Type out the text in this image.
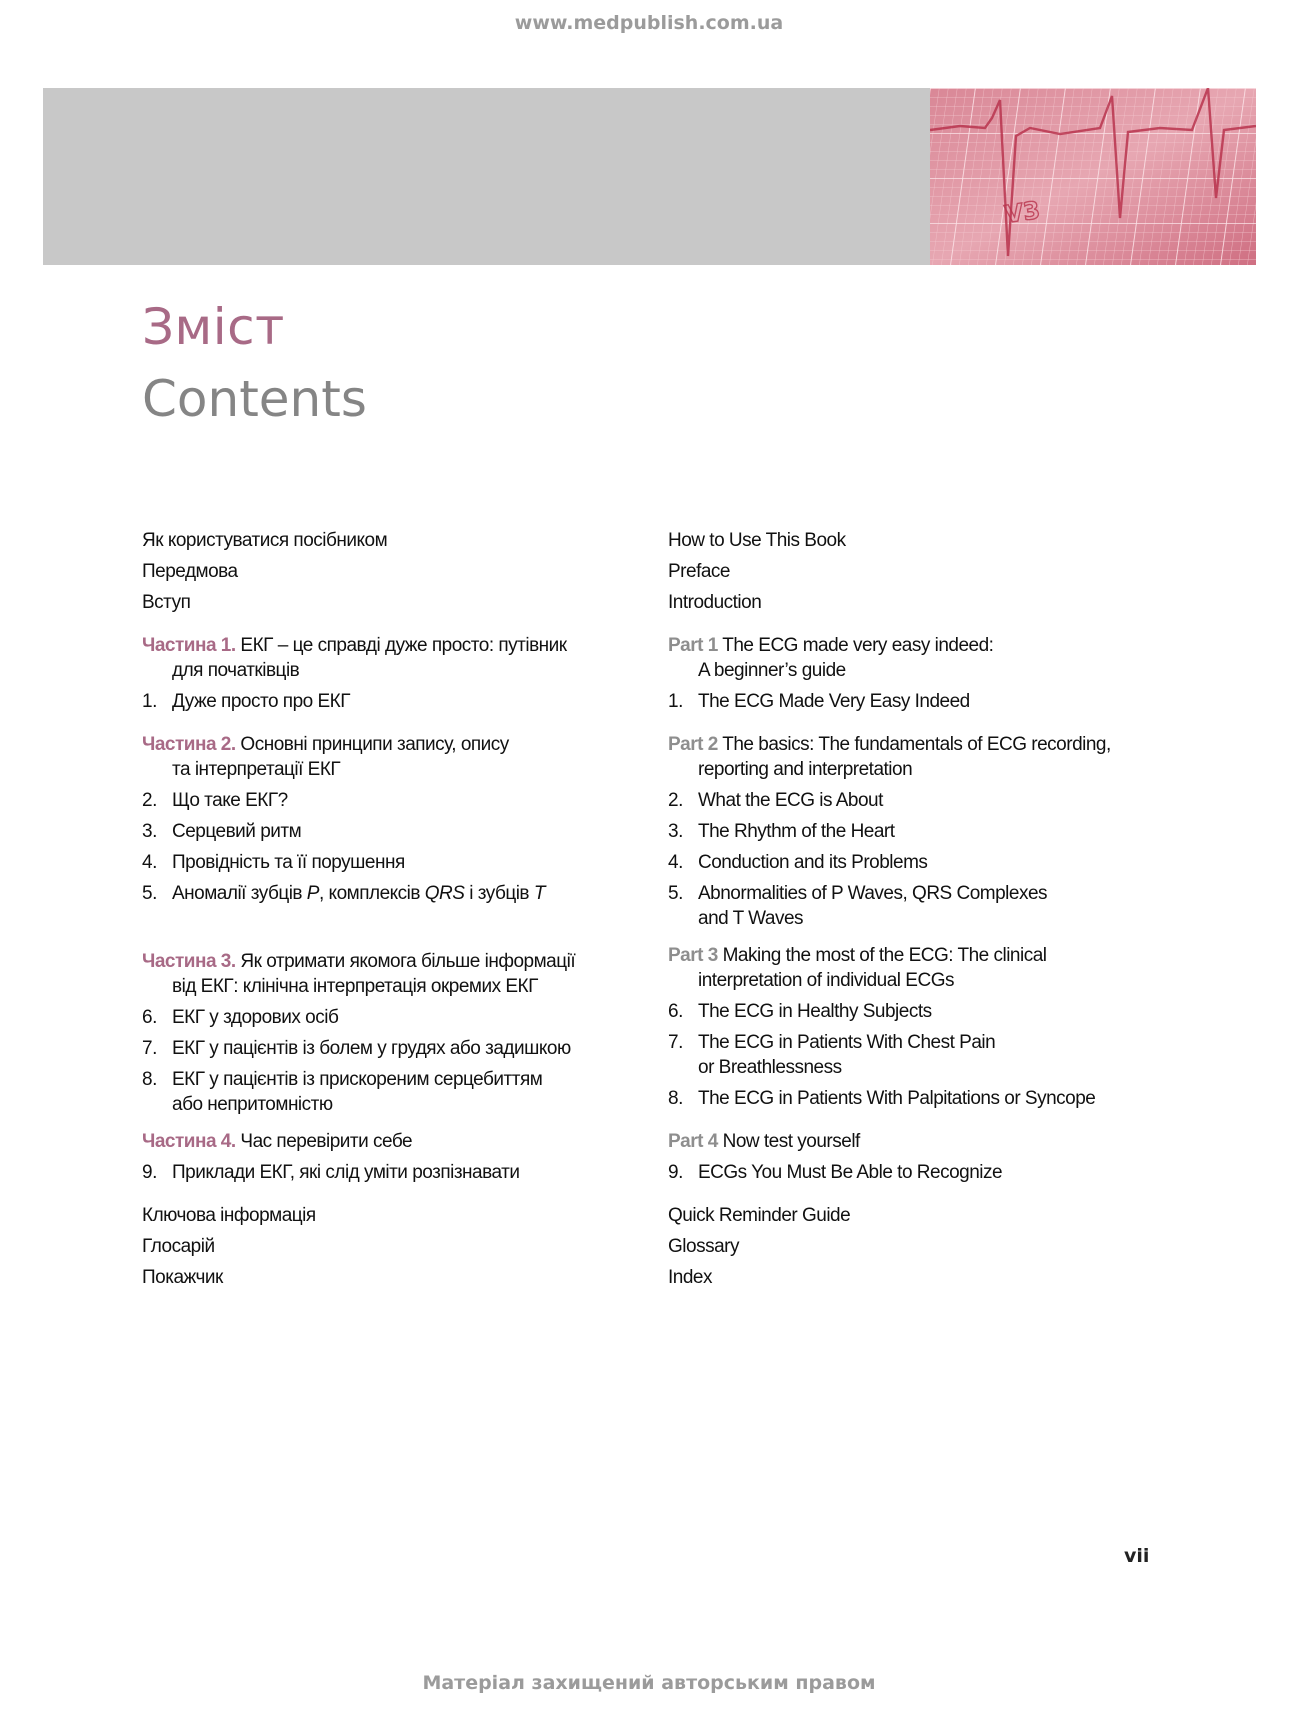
www.medpublish.com.ua
V3
Зміст
Contents
Як користуватися посібником
Передмова
Вступ
Частина 1. ЕКГ – це справді дуже просто: путівник
для початківців
1. Дуже просто про ЕКГ
Частина 2. Основні принципи запису, опису
та інтерпретації ЕКГ
2. Що таке ЕКГ?
3. Серцевий ритм
4. Провідність та її порушення
5. Аномалії зубців P, комплексів QRS і зубців T
Частина 3. Як отримати якомога більше інформації
від ЕКГ: клінічна інтерпретація окремих ЕКГ
6. ЕКГ у здорових осіб
7. ЕКГ у пацієнтів із болем у грудях або задишкою
8. ЕКГ у пацієнтів із прискореним серцебиттям
або непритомністю
Частина 4. Час перевірити себе
9. Приклади ЕКГ, які слід уміти розпізнавати
Ключова інформація
Глосарій
Покажчик
How to Use This Book
Preface
Introduction
Part 1 The ECG made very easy indeed:
A beginner’s guide
1. The ECG Made Very Easy Indeed
Part 2 The basics: The fundamentals of ECG recording,
reporting and interpretation
2. What the ECG is About
3. The Rhythm of the Heart
4. Conduction and its Problems
5. Abnormalities of P Waves, QRS Complexes
and T Waves
Part 3 Making the most of the ECG: The clinical
interpretation of individual ECGs
6. The ECG in Healthy Subjects
7. The ECG in Patients With Chest Pain
or Breathlessness
8. The ECG in Patients With Palpitations or Syncope
Part 4 Now test yourself
9. ECGs You Must Be Able to Recognize
Quick Reminder Guide
Glossary
Index
vii
Матеріал захищений авторським правом
